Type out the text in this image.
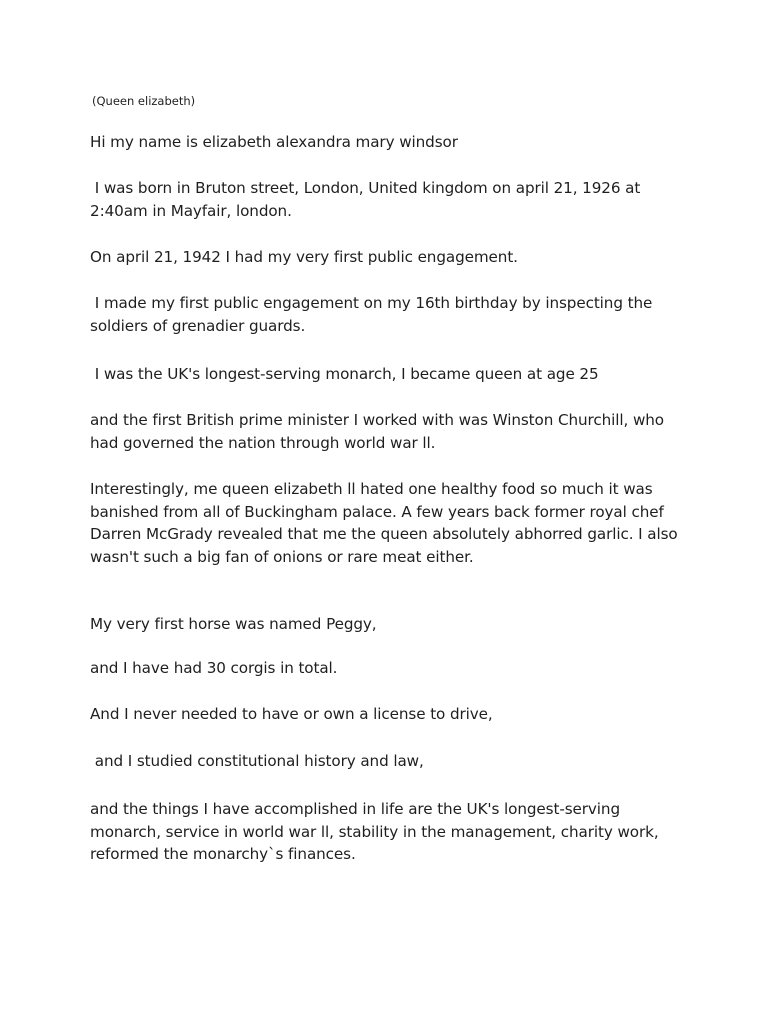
(Queen elizabeth)

Hi my name is elizabeth alexandra mary windsor

I was born in Bruton street, London, United kingdom on april 21, 1926 at 2:40am in Mayfair, london.

On april 21, 1942 I had my very first public engagement.

I made my first public engagement on my 16th birthday by inspecting the soldiers of grenadier guards.

I was the UK's longest-serving monarch, I became queen at age 25

and the first British prime minister I worked with was Winston Churchill, who had governed the nation through world war ll.

Interestingly, me queen elizabeth ll hated one healthy food so much it was banished from all of Buckingham palace. A few years back former royal chef Darren McGrady revealed that me the queen absolutely abhorred garlic. I also wasn't such a big fan of onions or rare meat either.

My very first horse was named Peggy,

and I have had 30 corgis in total.

And I never needed to have or own a license to drive,

and I studied constitutional history and law,

and the things I have accomplished in life are the UK's longest-serving monarch, service in world war ll, stability in the management, charity work, reformed the monarchy`s finances.
